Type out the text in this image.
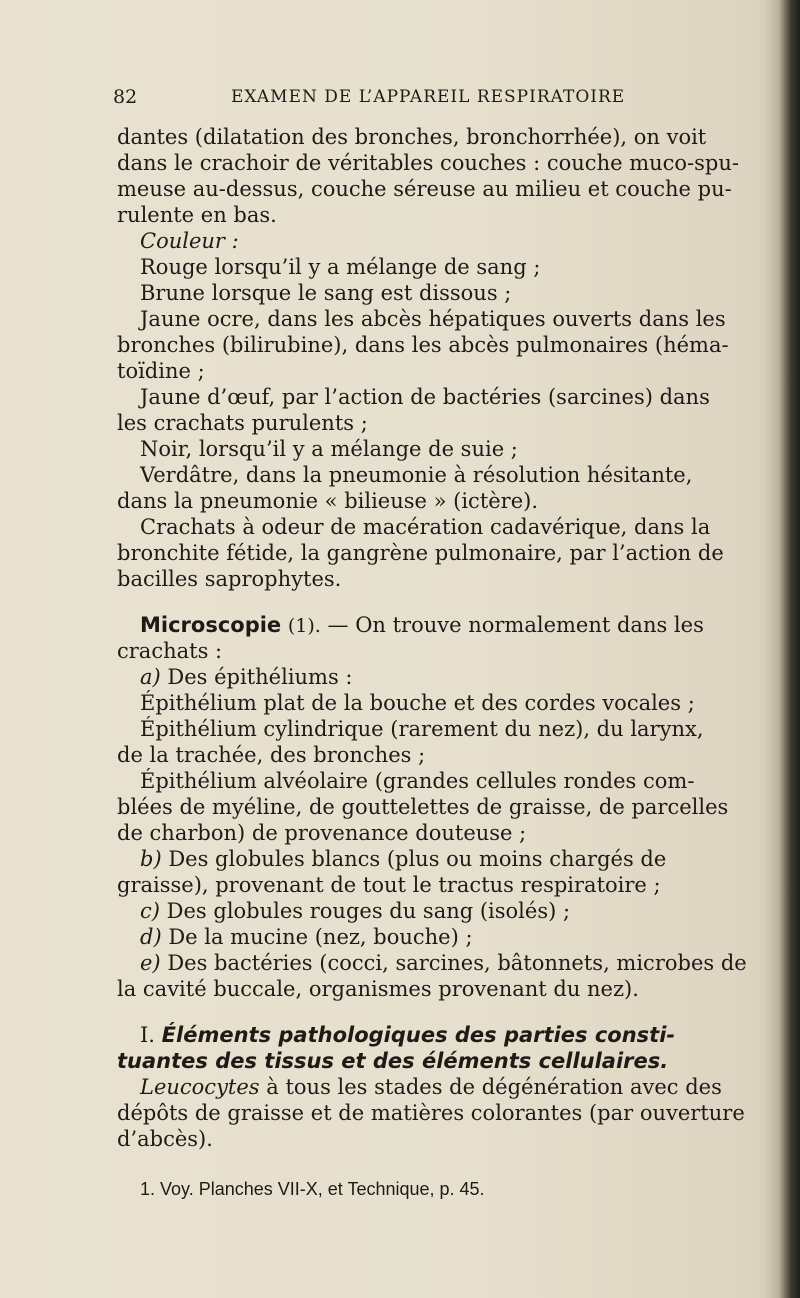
82	EXAMEN DE L’APPAREIL RESPIRATOIRE
dantes (dilatation des bronches, bronchorrhée), on voit
dans le crachoir de véritables couches : couche muco-spu-
meuse au-dessus, couche séreuse au milieu et couche pu-
rulente en bas.
Couleur :
Rouge lorsqu’il y a mélange de sang ;
Brune lorsque le sang est dissous ;
Jaune ocre, dans les abcès hépatiques ouverts dans les
bronches (bilirubine), dans les abcès pulmonaires (héma-
toïdine ;
Jaune d’œuf, par l’action de bactéries (sarcines) dans
les crachats purulents ;
Noir, lorsqu’il y a mélange de suie ;
Verdâtre, dans la pneumonie à résolution hésitante,
dans la pneumonie « bilieuse » (ictère).
Crachats à odeur de macération cadavérique, dans la
bronchite fétide, la gangrène pulmonaire, par l’action de
bacilles saprophytes.
Microscopie (1). — On trouve normalement dans les
crachats :
a) Des épithéliums :
Épithélium plat de la bouche et des cordes vocales ;
Épithélium cylindrique (rarement du nez), du larynx,
de la trachée, des bronches ;
Épithélium alvéolaire (grandes cellules rondes com-
blées de myéline, de gouttelettes de graisse, de parcelles
de charbon) de provenance douteuse ;
b) Des globules blancs (plus ou moins chargés de
graisse), provenant de tout le tractus respiratoire ;
c) Des globules rouges du sang (isolés) ;
d) De la mucine (nez, bouche) ;
e) Des bactéries (cocci, sarcines, bâtonnets, microbes de
la cavité buccale, organismes provenant du nez).
I. Éléments pathologiques des parties consti-
tuantes des tissus et des éléments cellulaires.
Leucocytes à tous les stades de dégénération avec des
dépôts de graisse et de matières colorantes (par ouverture
d’abcès).
1. Voy. Planches VII-X, et Technique, p. 45.
